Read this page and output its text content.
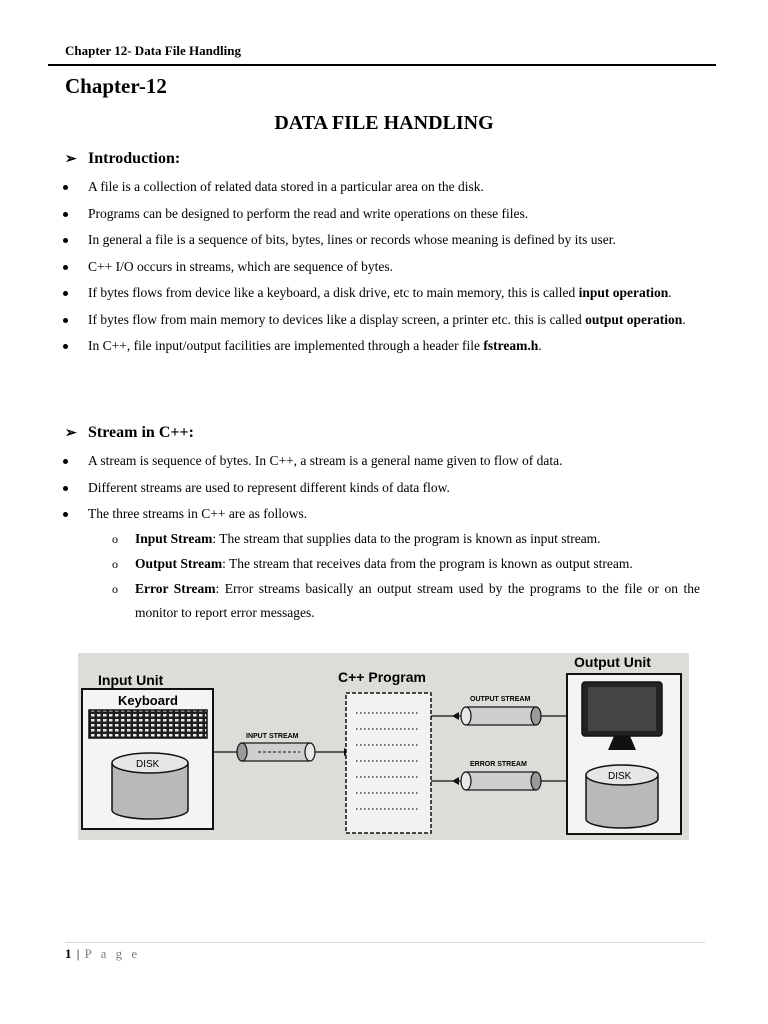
Chapter 12- Data File Handling
Chapter-12
DATA FILE HANDLING
➢ Introduction:
A file is a collection of related data stored in a particular area on the disk.
Programs can be designed to perform the read and write operations on these files.
In general a file is a sequence of bits, bytes, lines or records whose meaning is defined by its user.
C++ I/O occurs in streams, which are sequence of bytes.
If bytes flows from device like a keyboard, a disk drive, etc to main memory, this is called input operation.
If bytes flow from main memory to devices like a display screen, a printer etc. this is called output operation.
In C++, file input/output facilities are implemented through a header file fstream.h.
➢ Stream in C++:
A stream is sequence of bytes. In C++, a stream is a general name given to flow of data.
Different streams are used to represent different kinds of data flow.
The three streams in C++ are as follows.
o Input Stream: The stream that supplies data to the program is known as input stream.
o Output Stream: The stream that receives data from the program is known as output stream.
o Error Stream: Error streams basically an output stream used by the programs to the file or on the monitor to report error messages.
Input Unit
Keyboard
DISK
INPUT STREAM
C++ Program
OUTPUT STREAM
ERROR STREAM
Output Unit
DISK
1 | P a g e
